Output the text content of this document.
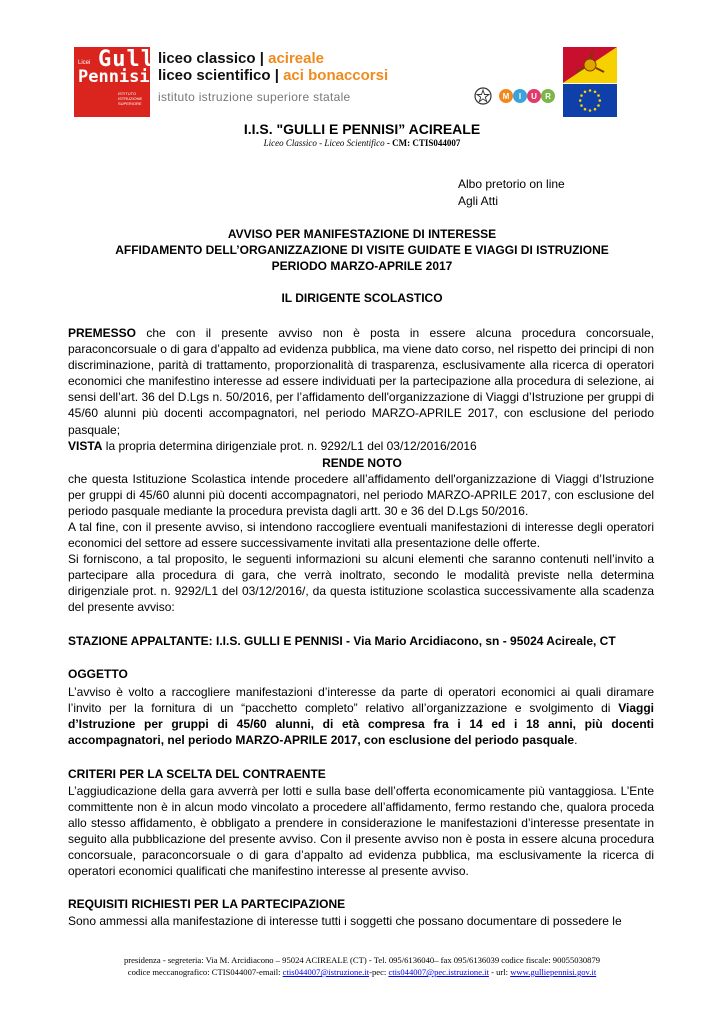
Licei Gulli
Pennisi
ISTITUTO ISTRUZIONE SUPERIORE
liceo classico | acireale
liceo scientifico | aci bonaccorsi
istituto istruzione superiore statale	M I U R
I.I.S. "GULLI E PENNISI” ACIREALE
Liceo Classico - Liceo Scientifico - CM: CTIS044007
Albo pretorio on line
Agli Atti
AVVISO PER MANIFESTAZIONE DI INTERESSE
AFFIDAMENTO DELL’ORGANIZZAZIONE DI VISITE GUIDATE E VIAGGI DI ISTRUZIONE
PERIODO MARZO-APRILE 2017
IL DIRIGENTE SCOLASTICO
PREMESSO che con il presente avviso non è posta in essere alcuna procedura concorsuale, paraconcorsuale o di gara d’appalto ad evidenza pubblica, ma viene dato corso, nel rispetto dei principi di non discriminazione, parità di trattamento, proporzionalità di trasparenza, esclusivamente alla ricerca di operatori economici che manifestino interesse ad essere individuati per la partecipazione alla procedura di selezione, ai sensi dell’art. 36 del D.Lgs n. 50/2016, per l’affidamento dell'organizzazione di Viaggi d’Istruzione per gruppi di 45/60 alunni più docenti accompagnatori, nel periodo MARZO-APRILE 2017, con esclusione del periodo pasquale;
VISTA la propria determina dirigenziale prot. n. 9292/L1 del 03/12/2016/2016
RENDE NOTO
che questa Istituzione Scolastica intende procedere all’affidamento dell'organizzazione di Viaggi d’Istruzione per gruppi di 45/60 alunni più docenti accompagnatori, nel periodo MARZO-APRILE 2017, con esclusione del periodo pasquale mediante la procedura prevista dagli artt. 30 e 36 del D.Lgs 50/2016.
A tal fine, con il presente avviso, si intendono raccogliere eventuali manifestazioni di interesse degli operatori economici del settore ad essere successivamente invitati alla presentazione delle offerte.
Si forniscono, a tal proposito, le seguenti informazioni su alcuni elementi che saranno contenuti nell’invito a partecipare alla procedura di gara, che verrà inoltrato, secondo le modalità previste nella determina dirigenziale prot. n. 9292/L1 del 03/12/2016/, da questa istituzione scolastica successivamente alla scadenza del presente avviso:
STAZIONE APPALTANTE: I.I.S. GULLI E PENNISI - Via Mario Arcidiacono, sn - 95024 Acireale, CT
OGGETTO
L’avviso è volto a raccogliere manifestazioni d’interesse da parte di operatori economici ai quali diramare l’invito per la fornitura di un “pacchetto completo” relativo all’organizzazione e svolgimento di Viaggi d’Istruzione per gruppi di 45/60 alunni, di età compresa fra i 14 ed i 18 anni, più docenti accompagnatori, nel periodo MARZO-APRILE 2017, con esclusione del periodo pasquale.
CRITERI PER LA SCELTA DEL CONTRAENTE
L’aggiudicazione della gara avverrà per lotti e sulla base dell’offerta economicamente più vantaggiosa. L’Ente committente non è in alcun modo vincolato a procedere all’affidamento, fermo restando che, qualora proceda allo stesso affidamento, è obbligato a prendere in considerazione le manifestazioni d’interesse presentate in seguito alla pubblicazione del presente avviso. Con il presente avviso non è posta in essere alcuna procedura concorsuale, paraconcorsuale o di gara d’appalto ad evidenza pubblica, ma esclusivamente la ricerca di operatori economici qualificati che manifestino interesse al presente avviso.
REQUISITI RICHIESTI PER LA PARTECIPAZIONE
Sono ammessi alla manifestazione di interesse tutti i soggetti che possano documentare di possedere le
presidenza - segreteria: Via M. Arcidiacono – 95024 ACIREALE (CT) - Tel. 095/6136040– fax 095/6136039 codice fiscale: 90055030879
codice meccanografico: CTIS044007-email: ctis044007@istruzione.it-pec: ctis044007@pec.istruzione.it - url: www.gulliepennisi.gov.it
